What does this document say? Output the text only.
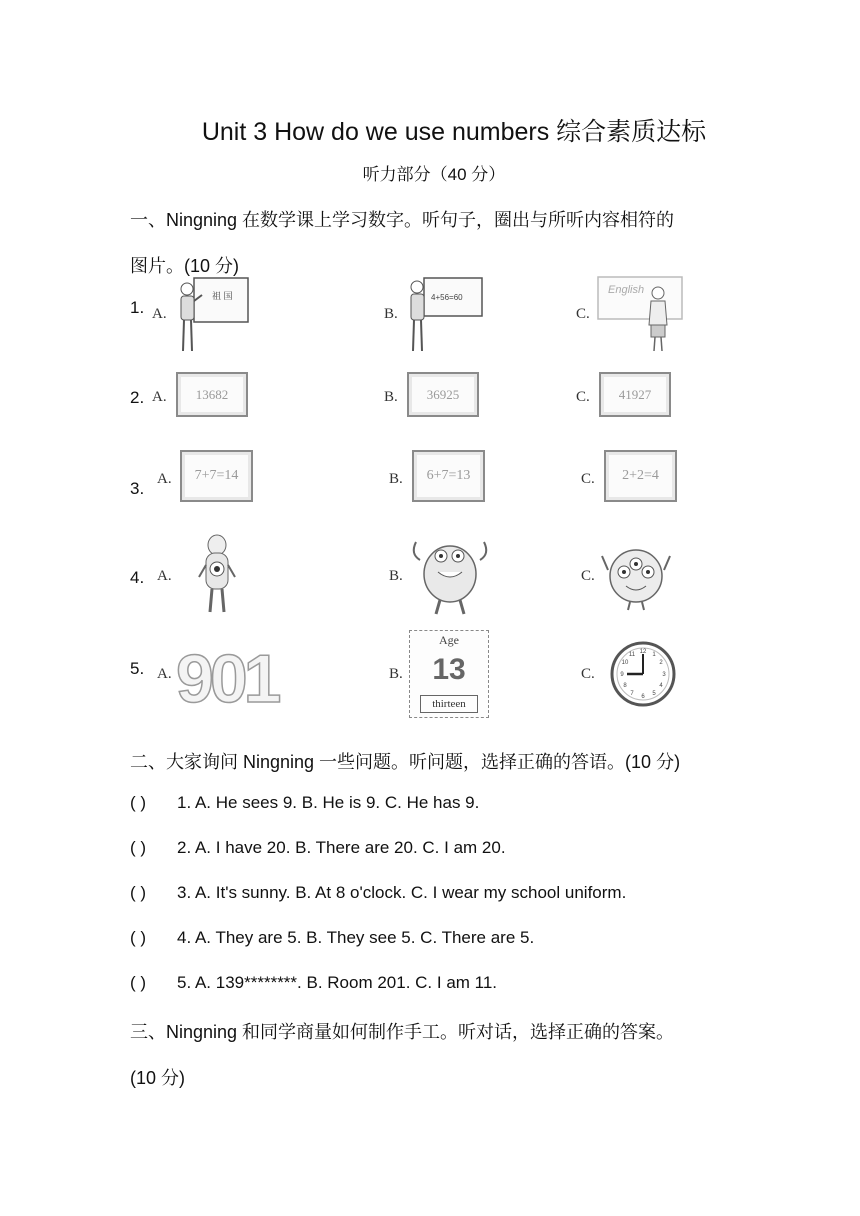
Unit 3 How do we use numbers 综合素质达标
听力部分（40 分）
一、Ningning 在数学课上学习数字。听句子，圈出与所听内容相符的
图片。(10 分)
1. A.
祖 国
B.
4+56=60
C.
English
2. A.	13682	B.	36925	C.	41927
3. A.	7+7=14	B.	6+7=13	C.	2+2=4
4. A.	B.	C.
5. A. 901	B.
Age
13
thirteen
C.
12 1
2
3
4
5
6
7
8
9
10
11
二、大家询问 Ningning 一些问题。听问题，选择正确的答语。(10 分)
( ) 1. A. He sees 9. B. He is 9. C. He has 9.
( ) 2. A. I have 20. B. There are 20. C. I am 20.
( ) 3. A. It's sunny. B. At 8 o'clock. C. I wear my school uniform.
( ) 4. A. They are 5. B. They see 5. C. There are 5.
( ) 5. A. 139********. B. Room 201. C. I am 11.
三、Ningning 和同学商量如何制作手工。听对话，选择正确的答案。
(10 分)
